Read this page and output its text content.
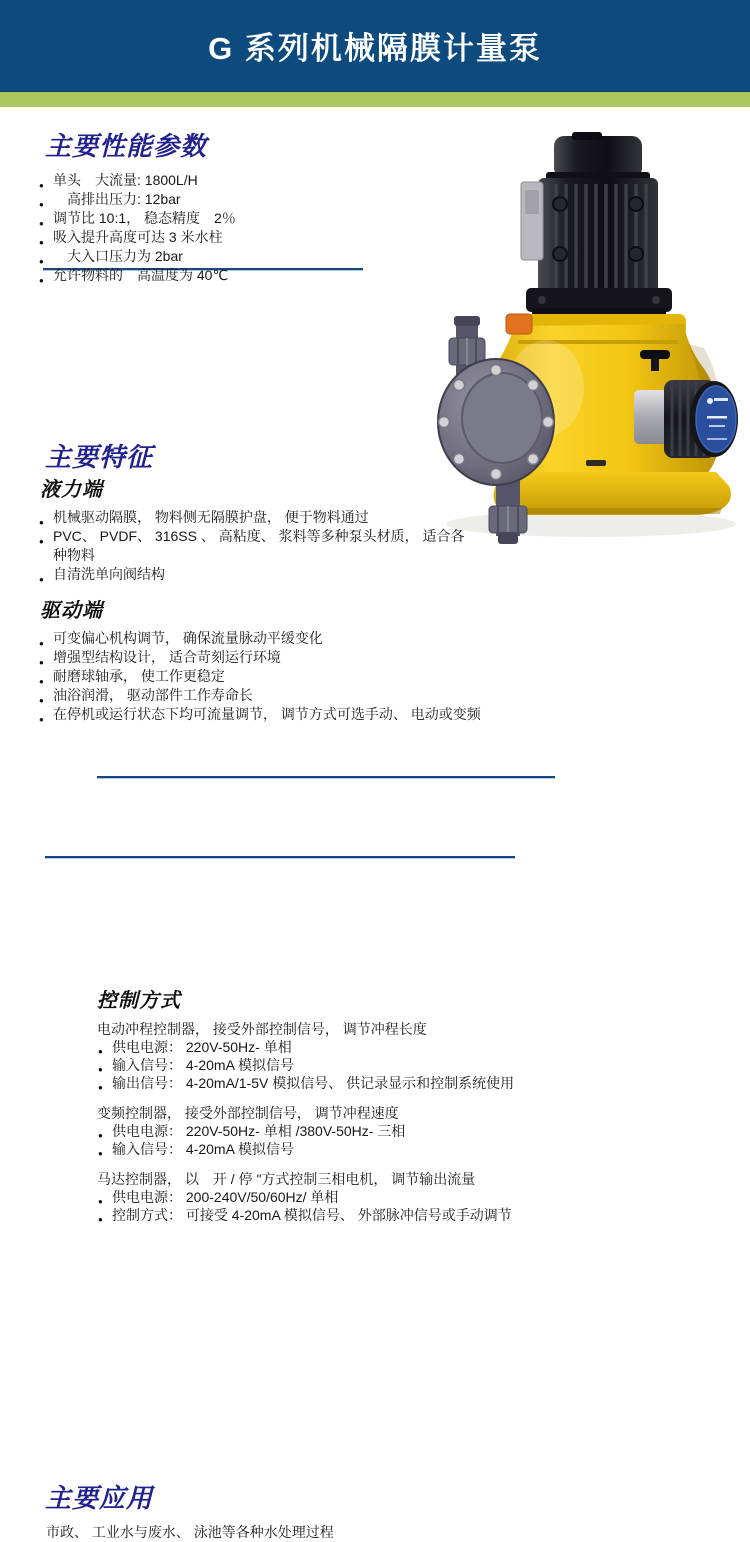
G 系列机械隔膜计量泵
主要性能参数
● 单头　大流量: 1800L/H
● 　高排出压力: 12bar
● 调节比 10:1， 稳态精度　2％
● 吸入提升高度可达 3 米水柱
● 　大入口压力为 2bar
● 允许物料的　高温度为 40℃
主要特征
液力端
● 机械驱动隔膜， 物料侧无隔膜护盘， 便于物料通过
● PVC、 PVDF、 316SS 、 高粘度、 浆料等多种泵头材质， 适合各种物料
● 自清洗单向阀结构
驱动端
● 可变偏心机构调节， 确保流量脉动平缓变化
● 增强型结构设计， 适合苛刻运行环境
● 耐磨球轴承， 使工作更稳定
● 油浴润滑， 驱动部件工作寿命长
● 在停机或运行状态下均可流量调节， 调节方式可选手动、 电动或变频
控制方式

电动冲程控制器， 接受外部控制信号， 调节冲程长度

● 供电电源： 220V-50Hz- 单相
● 输入信号： 4-20mA 模拟信号
● 输出信号： 4-20mA/1-5V 模拟信号、 供记录显示和控制系统使用

变频控制器， 接受外部控制信号， 调节冲程速度

● 供电电源： 220V-50Hz- 单相 /380V-50Hz- 三相
● 输入信号： 4-20mA 模拟信号

马达控制器， 以　开 / 停 "方式控制三相电机， 调节输出流量

● 供电电源： 200-240V/50/60Hz/ 单相
● 控制方式： 可接受 4-20mA 模拟信号、 外部脉冲信号或手动调节
主要应用

市政、 工业水与废水、 泳池等各种水处理过程
